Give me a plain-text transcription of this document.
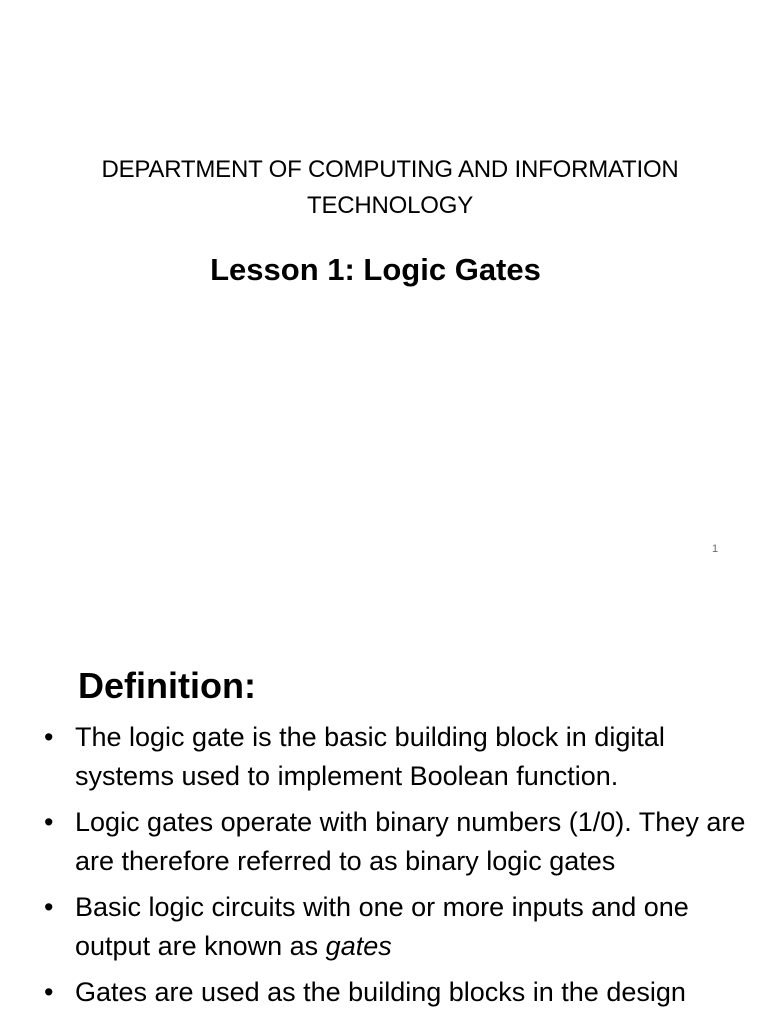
DEPARTMENT OF COMPUTING AND INFORMATION TECHNOLOGY
Lesson 1: Logic Gates
1
Definition:
• The logic gate is the basic building block in digital systems used to implement Boolean function.
• Logic gates operate with binary numbers (1/0). They are are therefore referred to as binary logic gates
• Basic logic circuits with one or more inputs and one output are known as gates
• Gates are used as the building blocks in the design
